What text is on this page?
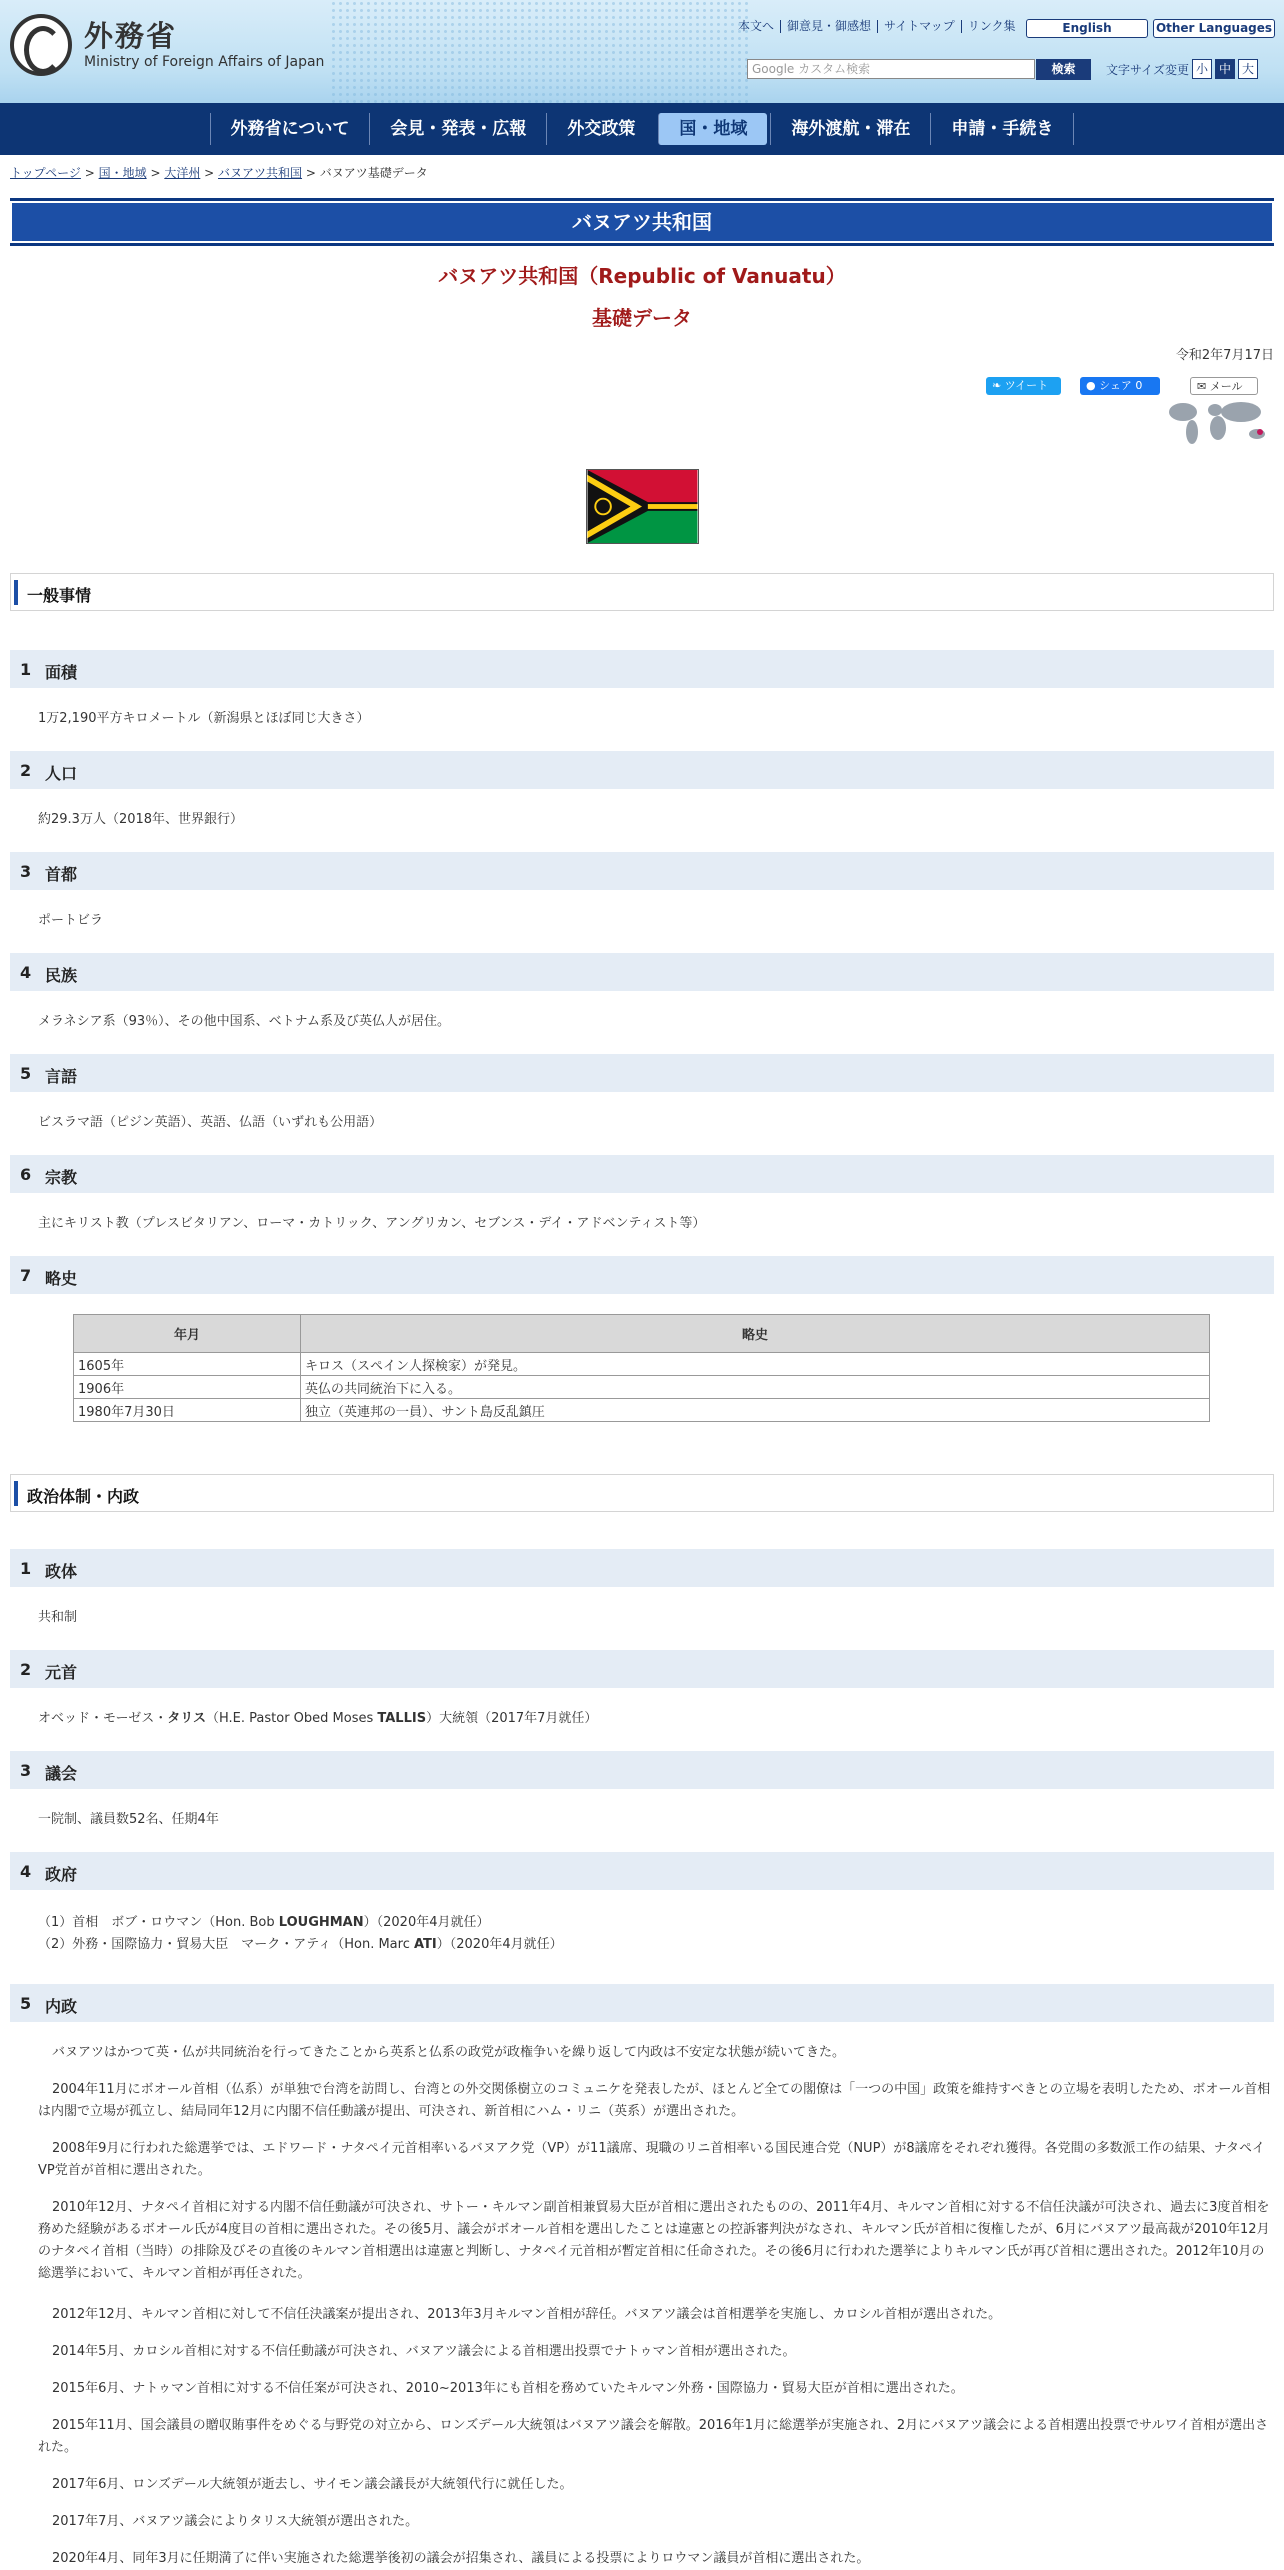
外務省
Ministry of Foreign Affairs of Japan
本文へ	御意見・御感想	サイトマップ	リンク集	English	Other Languages
Google カスタム検索	検索	文字サイズ変更 小 中 大
外務省について	会見・発表・広報	外交政策	国・地域	海外渡航・滞在	申請・手続き
トップページ > 国・地域 > 大洋州 > バヌアツ共和国 > バヌアツ基礎データ
バヌアツ共和国
バヌアツ共和国（Republic of Vanuatu）
基礎データ
令和2年7月17日
❧ ツイート	● シェア 0	✉ メール
一般事情
1 面積
1万2,190平方キロメートル（新潟県とほぼ同じ大きさ）
2 人口
約29.3万人（2018年、世界銀行）
3 首都
ポートビラ
4 民族
メラネシア系（93％）、その他中国系、ベトナム系及び英仏人が居住。
5 言語
ビスラマ語（ピジン英語）、英語、仏語（いずれも公用語）
6 宗教
主にキリスト教（プレスビタリアン、ローマ・カトリック、アングリカン、セブンス・デイ・アドベンティスト等）
7 略史
年月	略史
1605年	キロス（スペイン人探検家）が発見。
1906年	英仏の共同統治下に入る。
1980年7月30日	独立（英連邦の一員）、サント島反乱鎮圧
政治体制・内政
1 政体
共和制
2 元首
オベッド・モーゼス・タリス（H.E. Pastor Obed Moses TALLIS）大統領（2017年7月就任）
3 議会
一院制、議員数52名、任期4年
4 政府
（1）首相　ボブ・ロウマン（Hon. Bob LOUGHMAN）（2020年4月就任）
（2）外務・国際協力・貿易大臣　マーク・アティ（Hon. Marc ATI）（2020年4月就任）
5 内政
バヌアツはかつて英・仏が共同統治を行ってきたことから英系と仏系の政党が政権争いを繰り返して内政は不安定な状態が続いてきた。
2004年11月にボオール首相（仏系）が単独で台湾を訪問し、台湾との外交関係樹立のコミュニケを発表したが、ほとんど全ての閣僚は「一つの中国」政策を維持すべきとの立場を表明したため、ボオール首相は内閣で立場が孤立し、結局同年12月に内閣不信任動議が提出、可決され、新首相にハム・リニ（英系）が選出された。
2008年9月に行われた総選挙では、エドワード・ナタペイ元首相率いるバヌアク党（VP）が11議席、現職のリニ首相率いる国民連合党（NUP）が8議席をそれぞれ獲得。各党間の多数派工作の結果、ナタペイVP党首が首相に選出された。
2010年12月、ナタペイ首相に対する内閣不信任動議が可決され、サトー・キルマン副首相兼貿易大臣が首相に選出されたものの、2011年4月、キルマン首相に対する不信任決議が可決され、過去に3度首相を務めた経験があるボオール氏が4度目の首相に選出された。その後5月、議会がボオール首相を選出したことは違憲との控訴審判決がなされ、キルマン氏が首相に復権したが、6月にバヌアツ最高裁が2010年12月のナタペイ首相（当時）の排除及びその直後のキルマン首相選出は違憲と判断し、ナタペイ元首相が暫定首相に任命された。その後6月に行われた選挙によりキルマン氏が再び首相に選出された。2012年10月の総選挙において、キルマン首相が再任された。
2012年12月、キルマン首相に対して不信任決議案が提出され、2013年3月キルマン首相が辞任。バヌアツ議会は首相選挙を実施し、カロシル首相が選出された。
2014年5月、カロシル首相に対する不信任動議が可決され、バヌアツ議会による首相選出投票でナトゥマン首相が選出された。
2015年6月、ナトゥマン首相に対する不信任案が可決され、2010~2013年にも首相を務めていたキルマン外務・国際協力・貿易大臣が首相に選出された。
2015年11月、国会議員の贈収賄事件をめぐる与野党の対立から、ロンズデール大統領はバヌアツ議会を解散。2016年1月に総選挙が実施され、2月にバヌアツ議会による首相選出投票でサルワイ首相が選出された。
2017年6月、ロンズデール大統領が逝去し、サイモン議会議長が大統領代行に就任した。
2017年7月、バヌアツ議会によりタリス大統領が選出された。
2020年4月、同年3月に任期満了に伴い実施された総選挙後初の議会が招集され、議員による投票によりロウマン議員が首相に選出された。
